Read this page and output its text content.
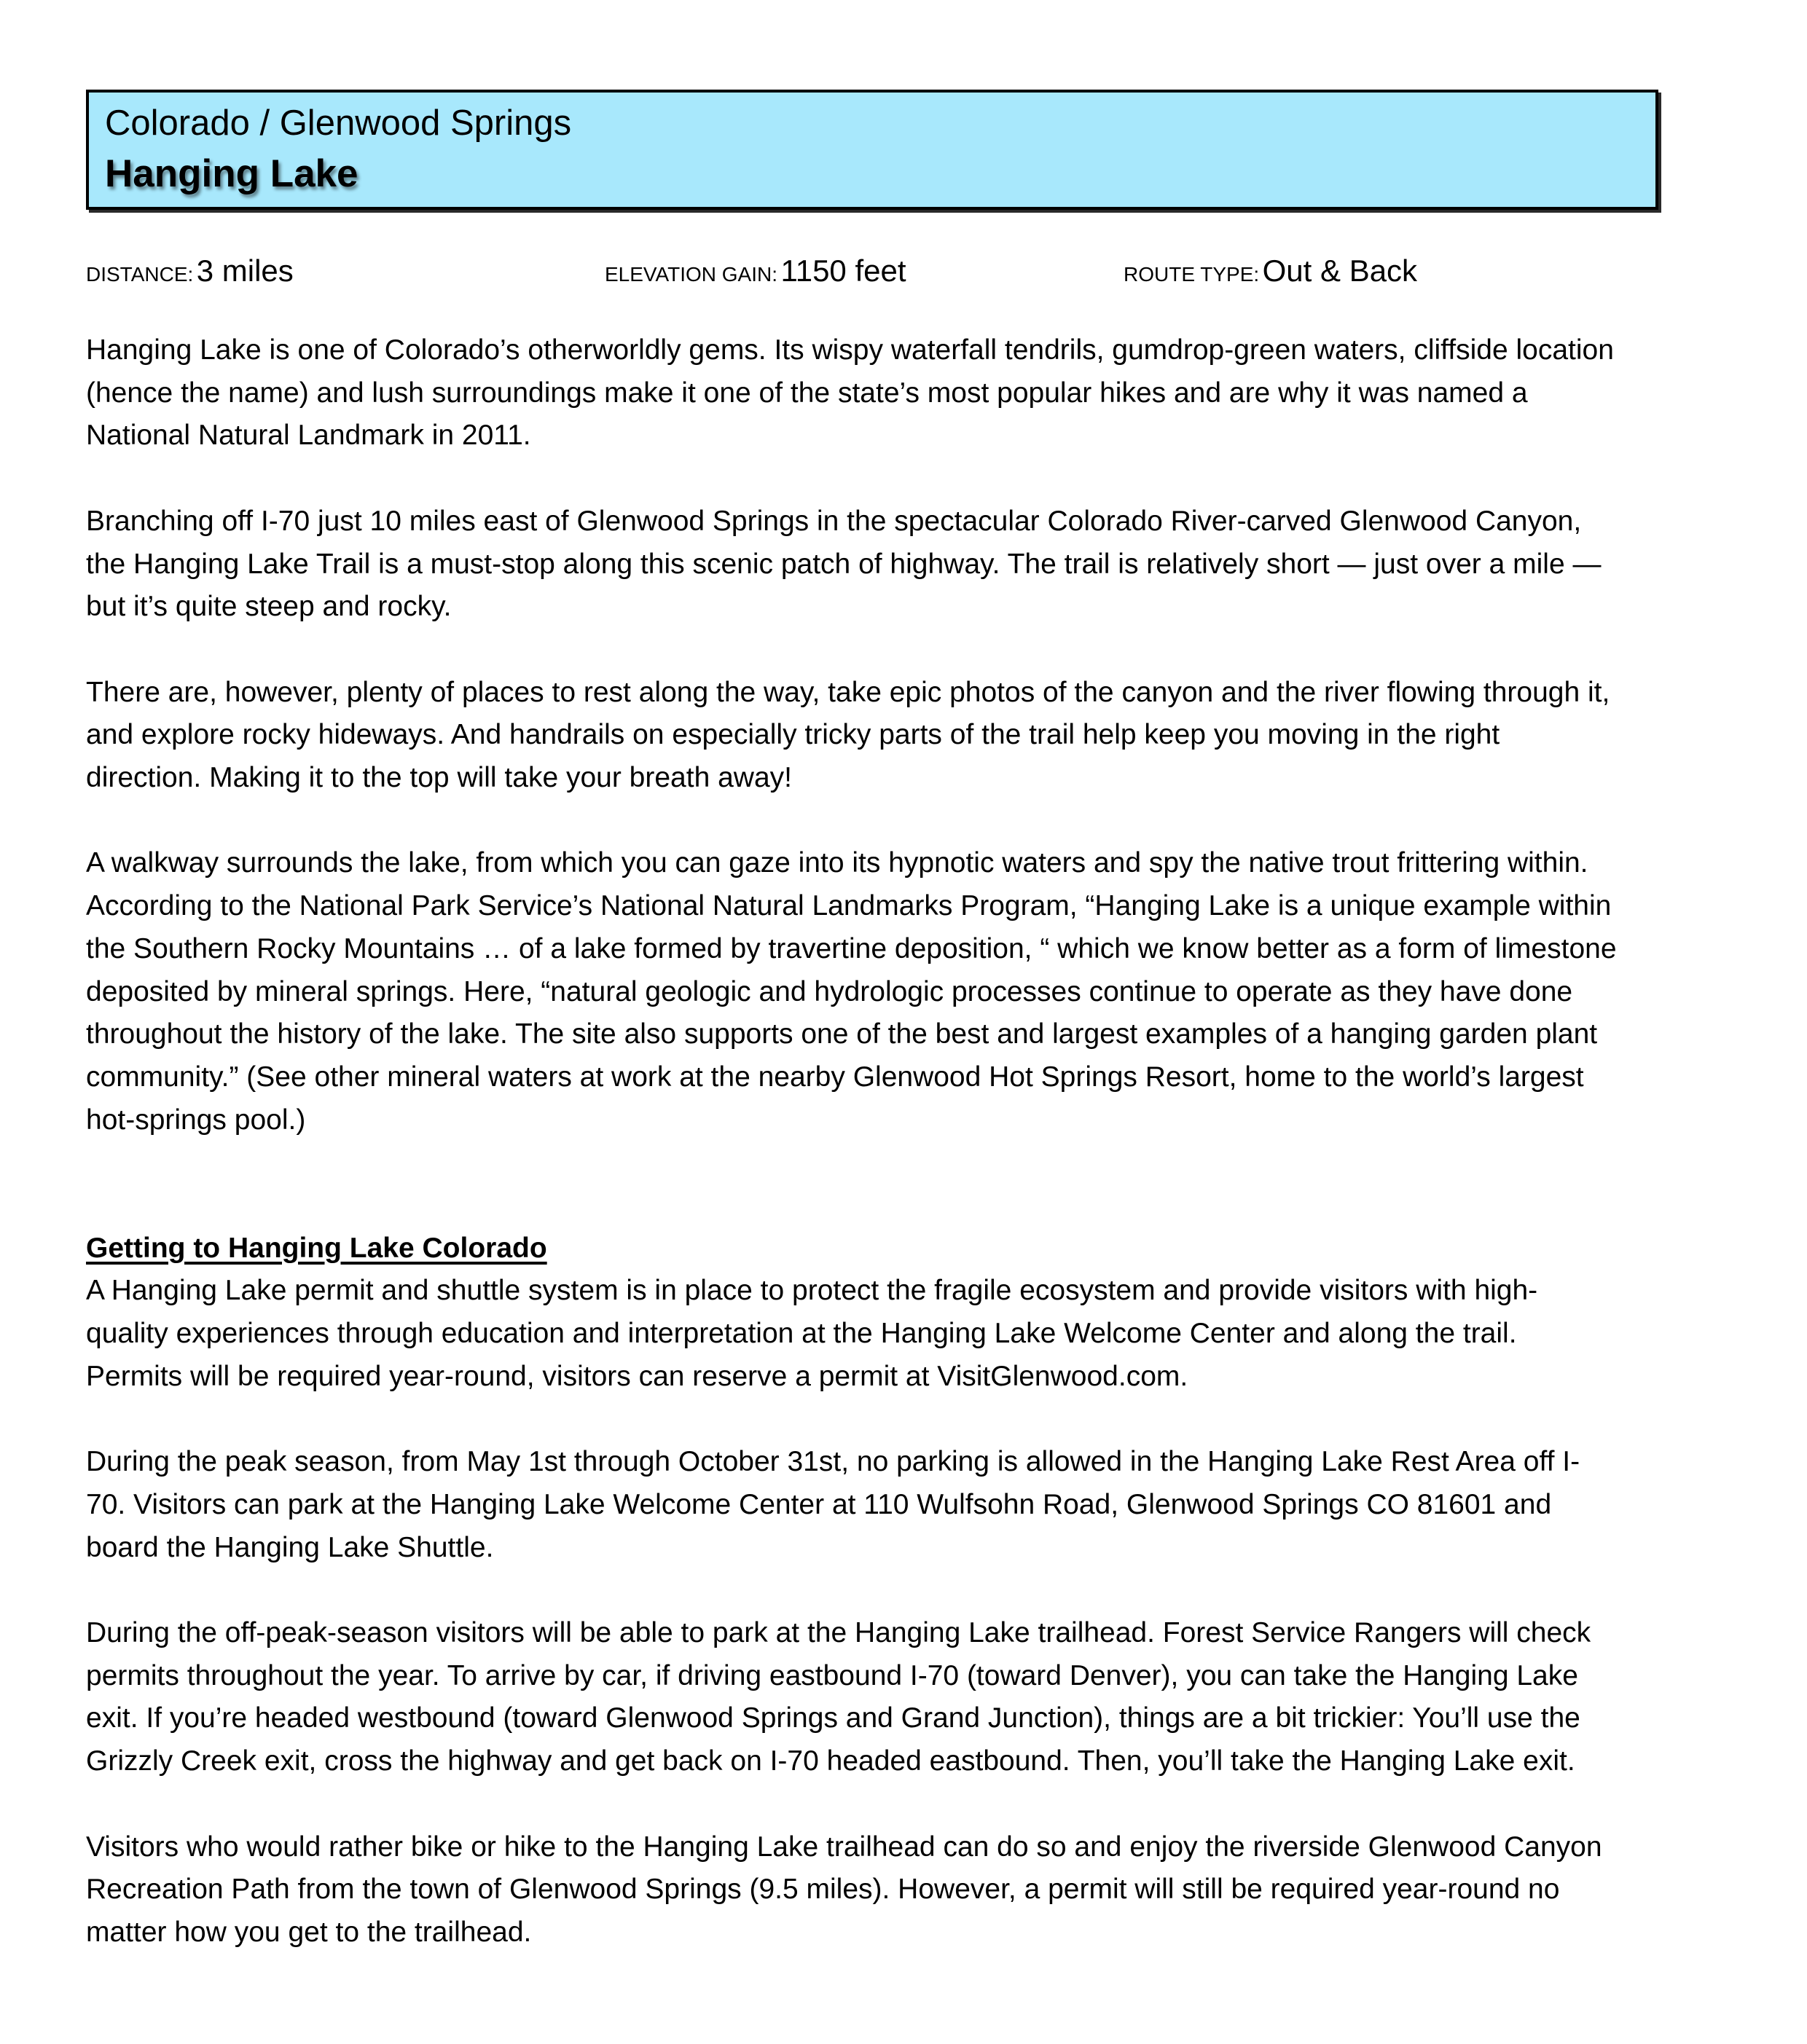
Colorado / Glenwood Springs
Hanging Lake
DISTANCE: 3 miles	ELEVATION GAIN: 1150 feet	ROUTE TYPE: Out & Back

Hanging Lake is one of Colorado’s otherworldly gems. Its wispy waterfall tendrils, gumdrop-green waters, cliffside location
(hence the name) and lush surroundings make it one of the state’s most popular hikes and are why it was named a
National Natural Landmark in 2011.

Branching off I-70 just 10 miles east of Glenwood Springs in the spectacular Colorado River-carved Glenwood Canyon,
the Hanging Lake Trail is a must-stop along this scenic patch of highway. The trail is relatively short — just over a mile —
but it’s quite steep and rocky.

There are, however, plenty of places to rest along the way, take epic photos of the canyon and the river flowing through it,
and explore rocky hideways. And handrails on especially tricky parts of the trail help keep you moving in the right
direction. Making it to the top will take your breath away!

A walkway surrounds the lake, from which you can gaze into its hypnotic waters and spy the native trout frittering within.
According to the National Park Service’s National Natural Landmarks Program, “Hanging Lake is a unique example within
the Southern Rocky Mountains … of a lake formed by travertine deposition, “ which we know better as a form of limestone
deposited by mineral springs. Here, “natural geologic and hydrologic processes continue to operate as they have done
throughout the history of the lake. The site also supports one of the best and largest examples of a hanging garden plant
community.” (See other mineral waters at work at the nearby Glenwood Hot Springs Resort, home to the world’s largest
hot-springs pool.)

Getting to Hanging Lake Colorado

A Hanging Lake permit and shuttle system is in place to protect the fragile ecosystem and provide visitors with high-
quality experiences through education and interpretation at the Hanging Lake Welcome Center and along the trail.
Permits will be required year-round, visitors can reserve a permit at VisitGlenwood.com.

During the peak season, from May 1st through October 31st, no parking is allowed in the Hanging Lake Rest Area off I-
70. Visitors can park at the Hanging Lake Welcome Center at 110 Wulfsohn Road, Glenwood Springs CO 81601 and
board the Hanging Lake Shuttle.

During the off-peak-season visitors will be able to park at the Hanging Lake trailhead. Forest Service Rangers will check
permits throughout the year. To arrive by car, if driving eastbound I-70 (toward Denver), you can take the Hanging Lake
exit. If you’re headed westbound (toward Glenwood Springs and Grand Junction), things are a bit trickier: You’ll use the
Grizzly Creek exit, cross the highway and get back on I-70 headed eastbound. Then, you’ll take the Hanging Lake exit.

Visitors who would rather bike or hike to the Hanging Lake trailhead can do so and enjoy the riverside Glenwood Canyon
Recreation Path from the town of Glenwood Springs (9.5 miles). However, a permit will still be required year-round no
matter how you get to the trailhead.
